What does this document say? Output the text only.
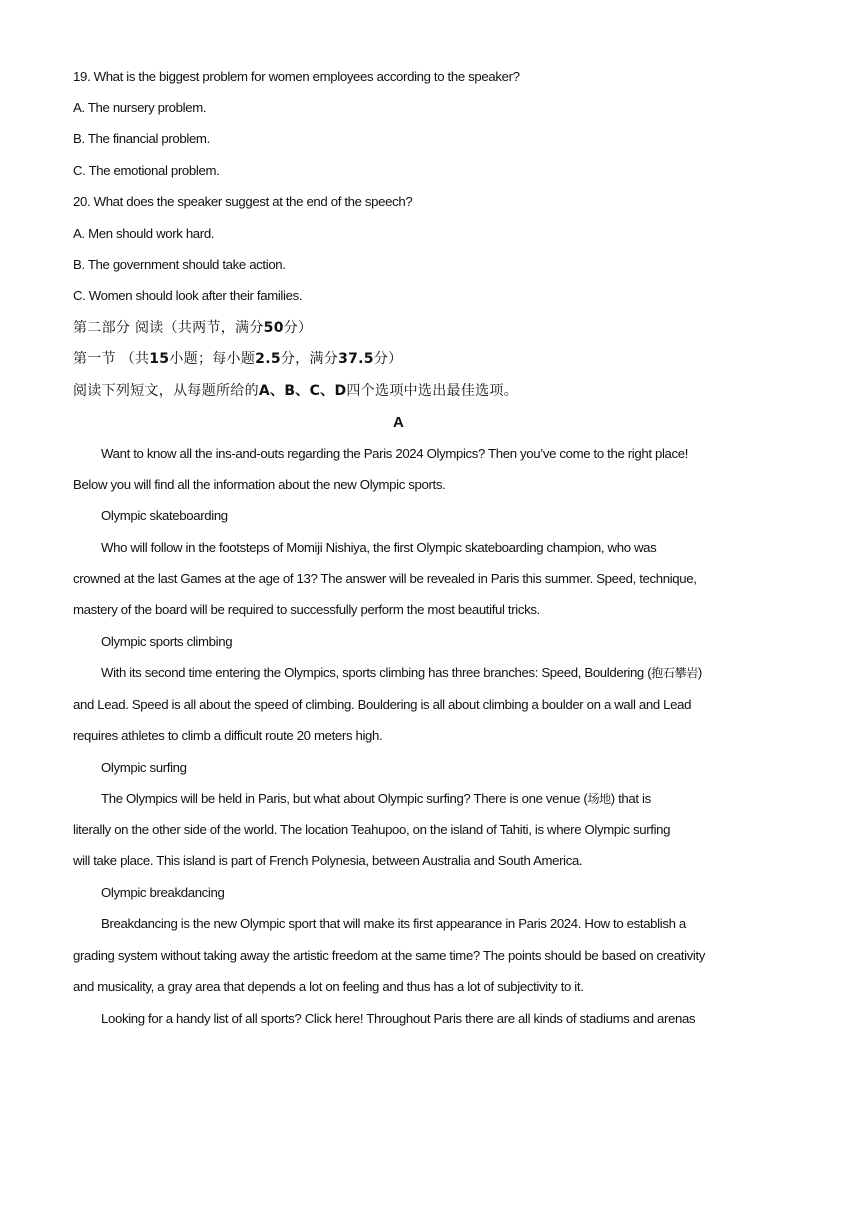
19. What is the biggest problem for women employees according to the speaker?
A. The nursery problem.
B. The financial problem.
C. The emotional problem.
20. What does the speaker suggest at the end of the speech?
A. Men should work hard.
B. The government should take action.
C. Women should look after their families.
第二部分 阅读（共两节，满分50分）
第一节 （共15小题；每小题2.5分，满分37.5分）
阅读下列短文，从每题所给的A、B、C、D四个选项中选出最佳选项。
A
Want to know all the ins-and-outs regarding the Paris 2024 Olympics? Then you’ve come to the right place!
Below you will find all the information about the new Olympic sports.
Olympic skateboarding
Who will follow in the footsteps of Momiji Nishiya, the first Olympic skateboarding champion, who was
crowned at the last Games at the age of 13? The answer will be revealed in Paris this summer. Speed, technique,
mastery of the board will be required to successfully perform the most beautiful tricks.
Olympic sports climbing
With its second time entering the Olympics, sports climbing has three branches: Speed, Bouldering (抱石攀岩)
and Lead. Speed is all about the speed of climbing. Bouldering is all about climbing a boulder on a wall and Lead
requires athletes to climb a difficult route 20 meters high.
Olympic surfing
The Olympics will be held in Paris, but what about Olympic surfing? There is one venue (场地) that is
literally on the other side of the world. The location Teahupoo, on the island of Tahiti, is where Olympic surfing
will take place. This island is part of French Polynesia, between Australia and South America.
Olympic breakdancing
Breakdancing is the new Olympic sport that will make its first appearance in Paris 2024. How to establish a
grading system without taking away the artistic freedom at the same time? The points should be based on creativity
and musicality, a gray area that depends a lot on feeling and thus has a lot of subjectivity to it.
Looking for a handy list of all sports? Click here! Throughout Paris there are all kinds of stadiums and arenas
